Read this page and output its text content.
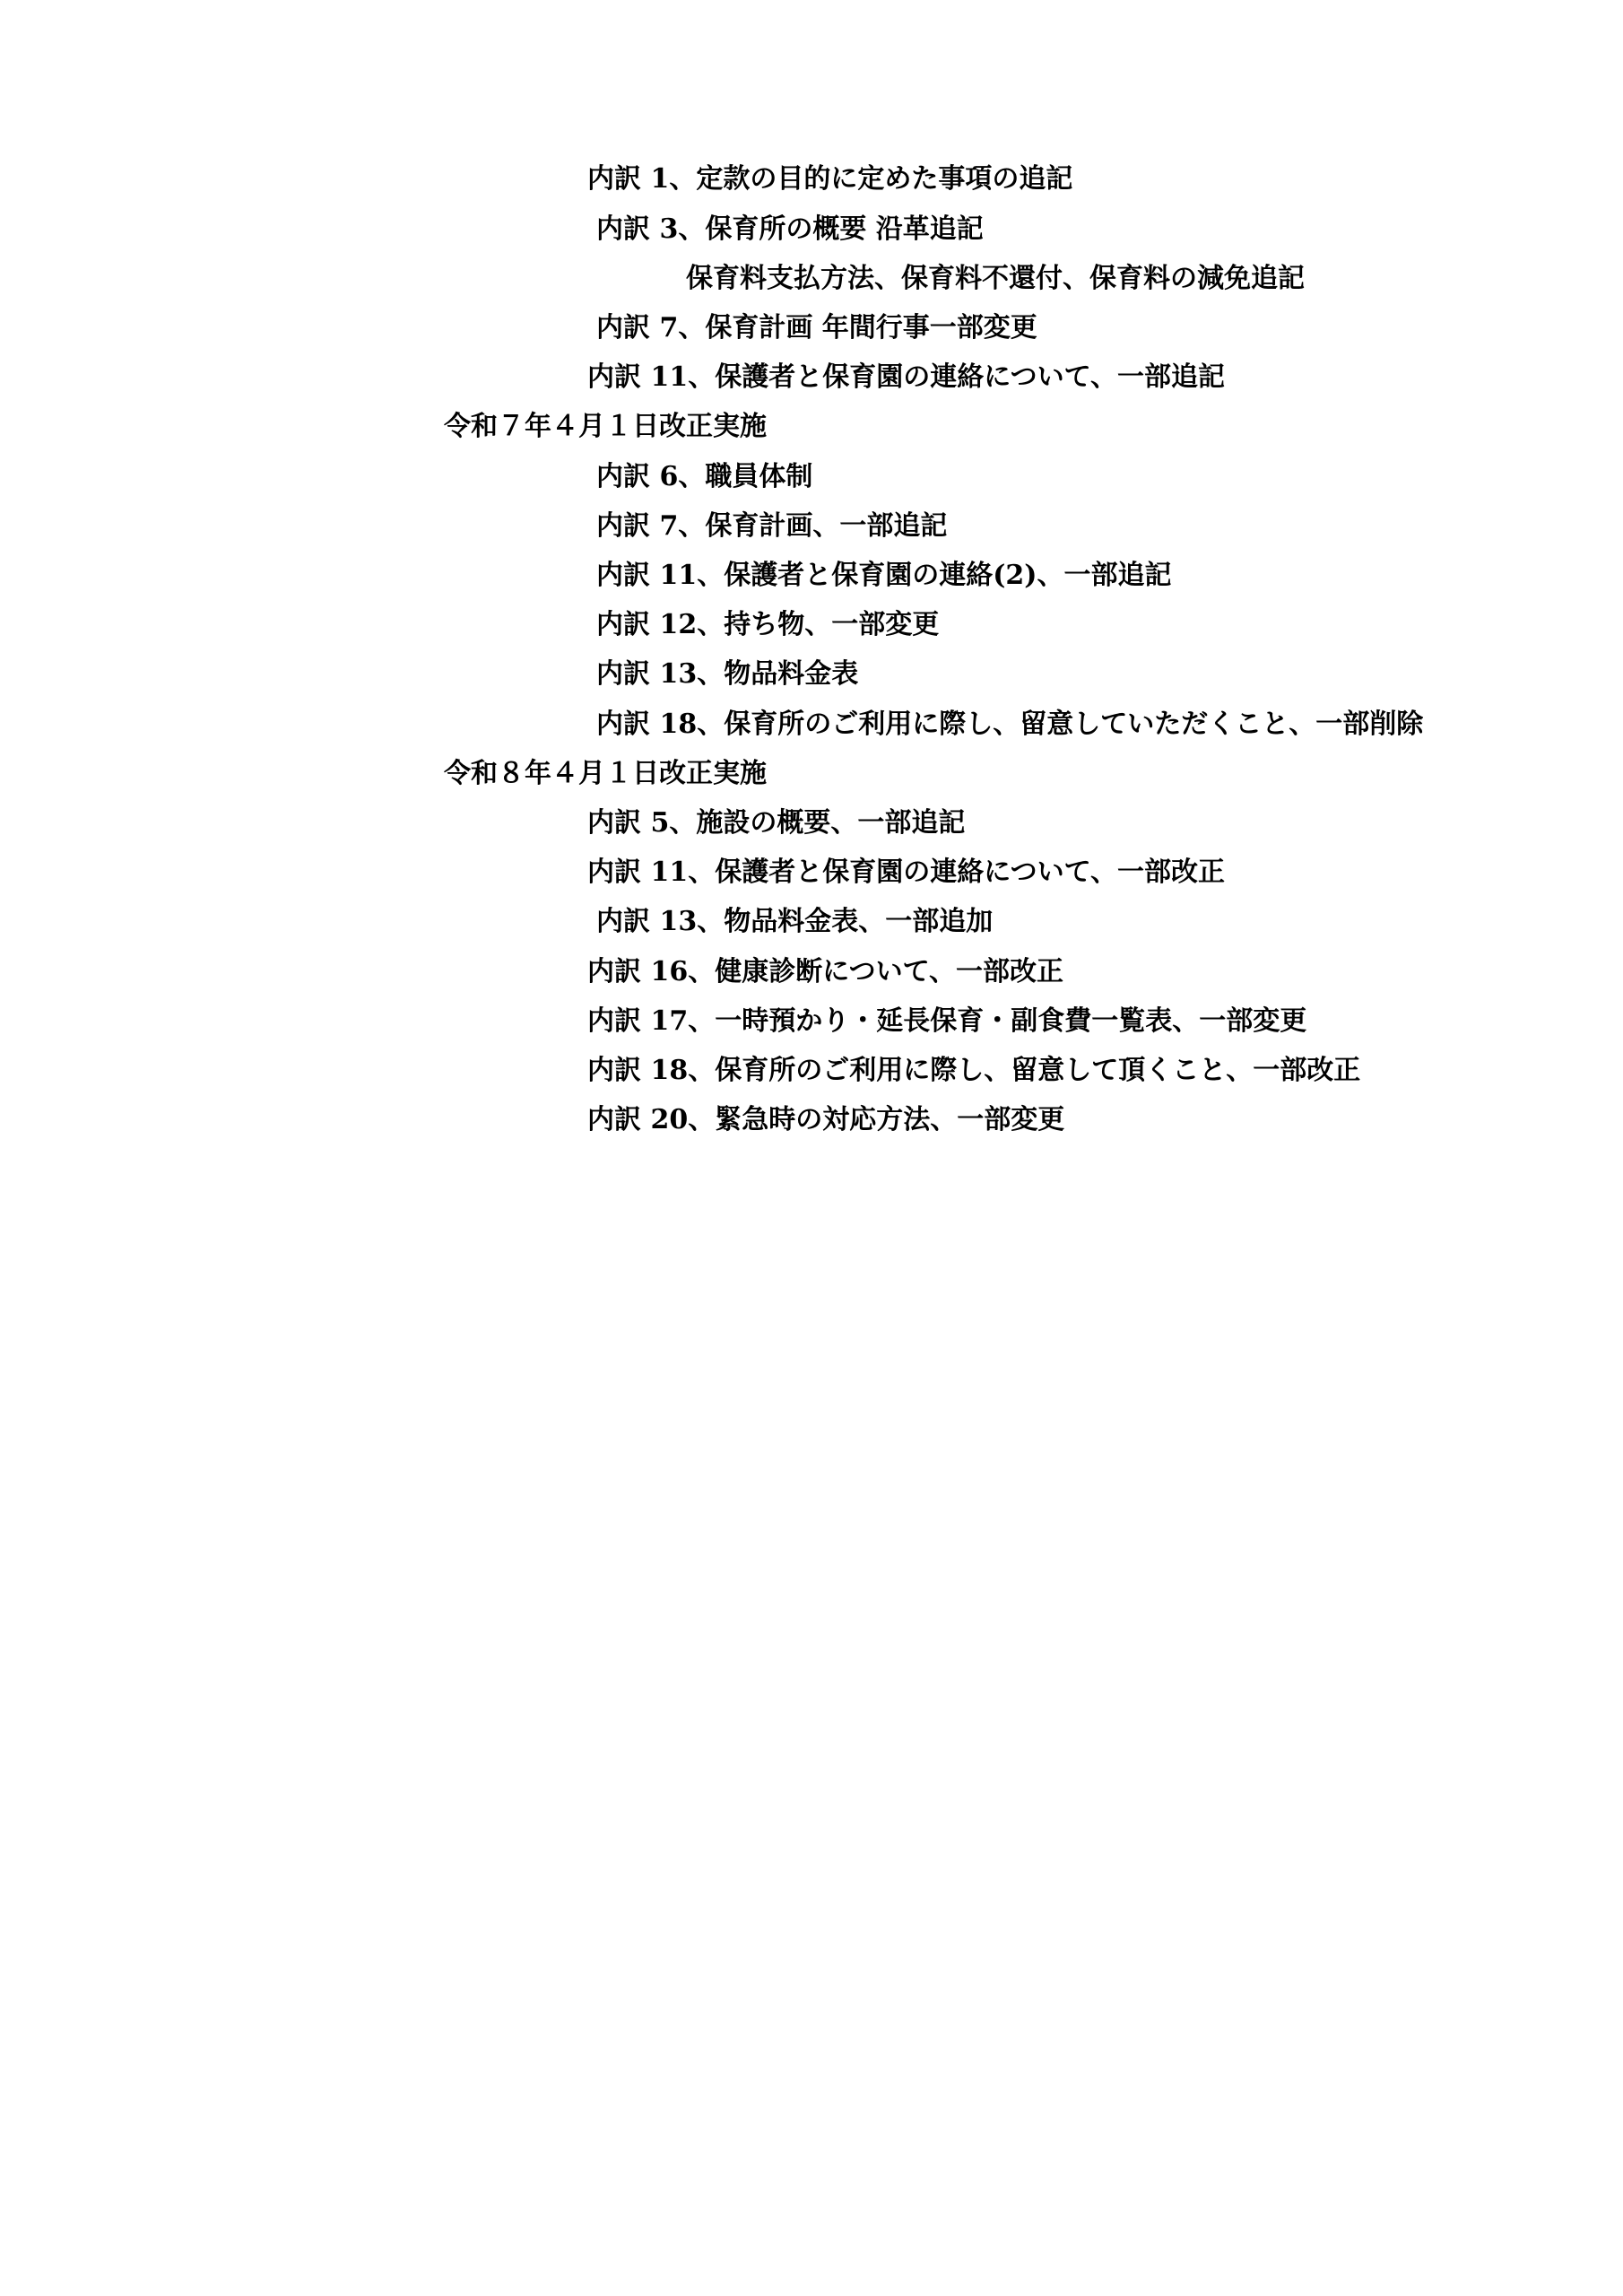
内訳 1、定款の目的に定めた事項の追記
内訳 3、保育所の概要 沿革追記
保育料支払方法、保育料不還付、保育料の減免追記
内訳 7、保育計画 年間行事一部変更
内訳 11、保護者と保育園の連絡について、一部追記
令和７年４月１日改正実施
内訳 6、職員体制
内訳 7、保育計画、一部追記
内訳 11、保護者と保育園の連絡(2)、一部追記
内訳 12、持ち物、一部変更
内訳 13、物品料金表
内訳 18、保育所のご利用に際し、留意していただくこと、一部削除
令和８年４月１日改正実施
内訳 5、施設の概要、一部追記
内訳 11、保護者と保育園の連絡について、一部改正
内訳 13、物品料金表、一部追加
内訳 16、健康診断について、一部改正
内訳 17、一時預かり・延長保育・副食費一覧表、一部変更
内訳 18、保育所のご利用に際し、留意して頂くこと、一部改正
内訳 20、緊急時の対応方法、一部変更
